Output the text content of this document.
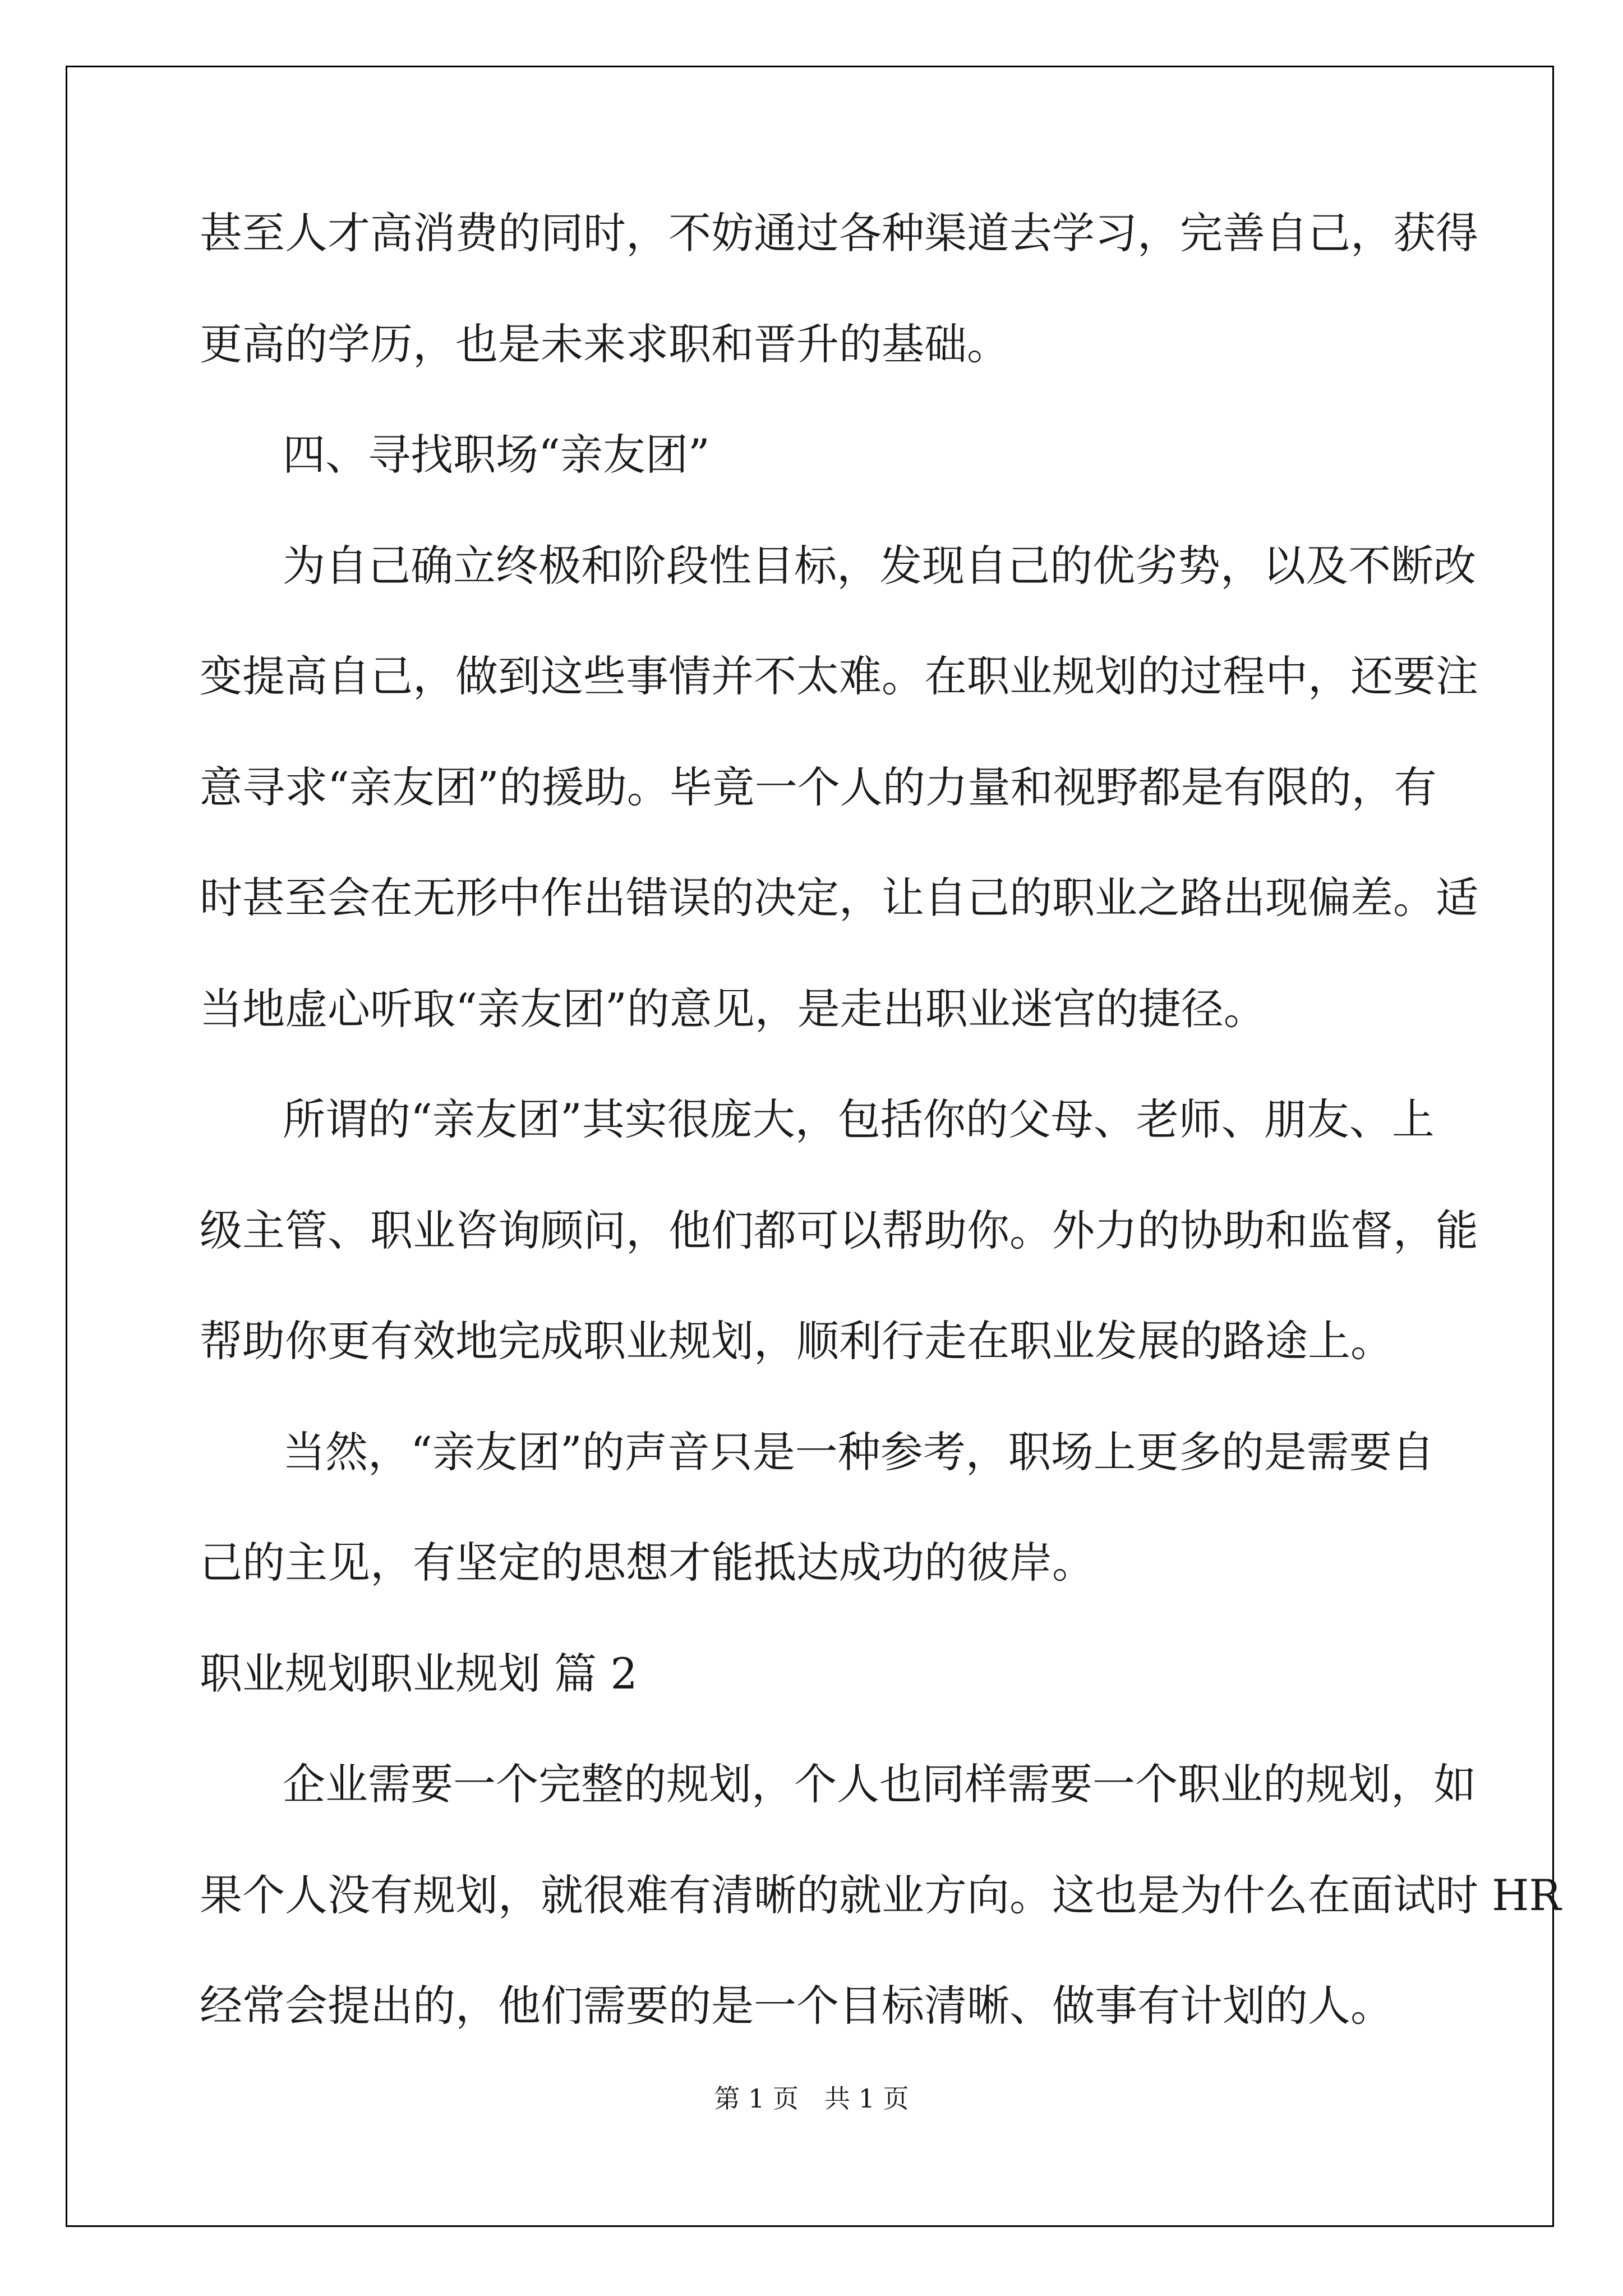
甚至人才高消费的同时，不妨通过各种渠道去学习，完善自己，获得
更高的学历，也是未来求职和晋升的基础。
四、寻找职场“亲友团”
为自己确立终极和阶段性目标，发现自己的优劣势，以及不断改
变提高自己，做到这些事情并不太难。在职业规划的过程中，还要注
意寻求“亲友团”的援助。毕竟一个人的力量和视野都是有限的，有
时甚至会在无形中作出错误的决定，让自己的职业之路出现偏差。适
当地虚心听取“亲友团”的意见，是走出职业迷宫的捷径。
所谓的“亲友团”其实很庞大，包括你的父母、老师、朋友、上
级主管、职业咨询顾问，他们都可以帮助你。外力的协助和监督，能
帮助你更有效地完成职业规划，顺利行走在职业发展的路途上。
当然，“亲友团”的声音只是一种参考，职场上更多的是需要自
己的主见，有坚定的思想才能抵达成功的彼岸。
职业规划职业规划 篇 2
企业需要一个完整的规划，个人也同样需要一个职业的规划，如
果个人没有规划，就很难有清晰的就业方向。这也是为什么在面试时 HR
经常会提出的，他们需要的是一个目标清晰、做事有计划的人。
第 1 页　共 1 页
